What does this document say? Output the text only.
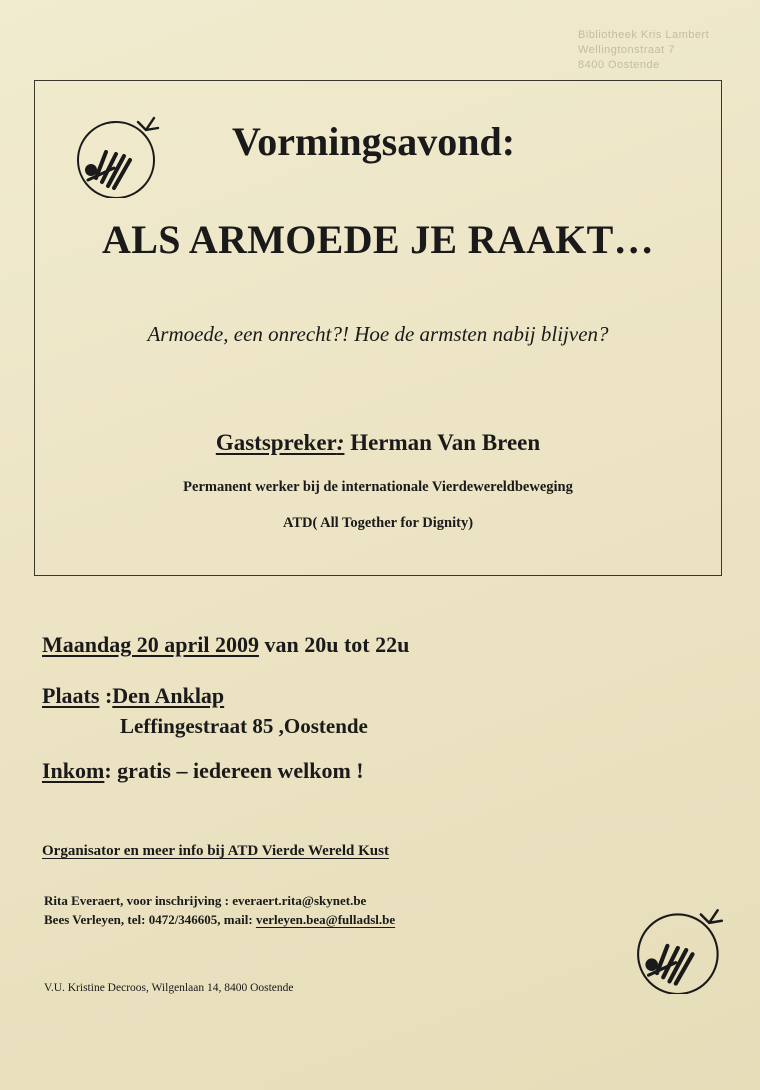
Bibliotheek Kris Lambert
Wellingtonstraat 7
8400 Oostende
Vormingsavond:
ALS ARMOEDE JE RAAKT…
Armoede, een onrecht?! Hoe de armsten nabij blijven?
Gastspreker: Herman Van Breen
Permanent werker bij de internationale Vierdewereldbeweging
ATD( All Together for Dignity)
Maandag 20 april 2009 van 20u tot 22u
Plaats :Den Anklap
Leffingestraat 85 ,Oostende
Inkom: gratis – iedereen welkom !
Organisator en meer info bij ATD Vierde Wereld Kust
Rita Everaert, voor inschrijving : everaert.rita@skynet.be
Bees Verleyen, tel: 0472/346605, mail: verleyen.bea@fulladsl.be
V.U. Kristine Decroos, Wilgenlaan 14, 8400 Oostende
